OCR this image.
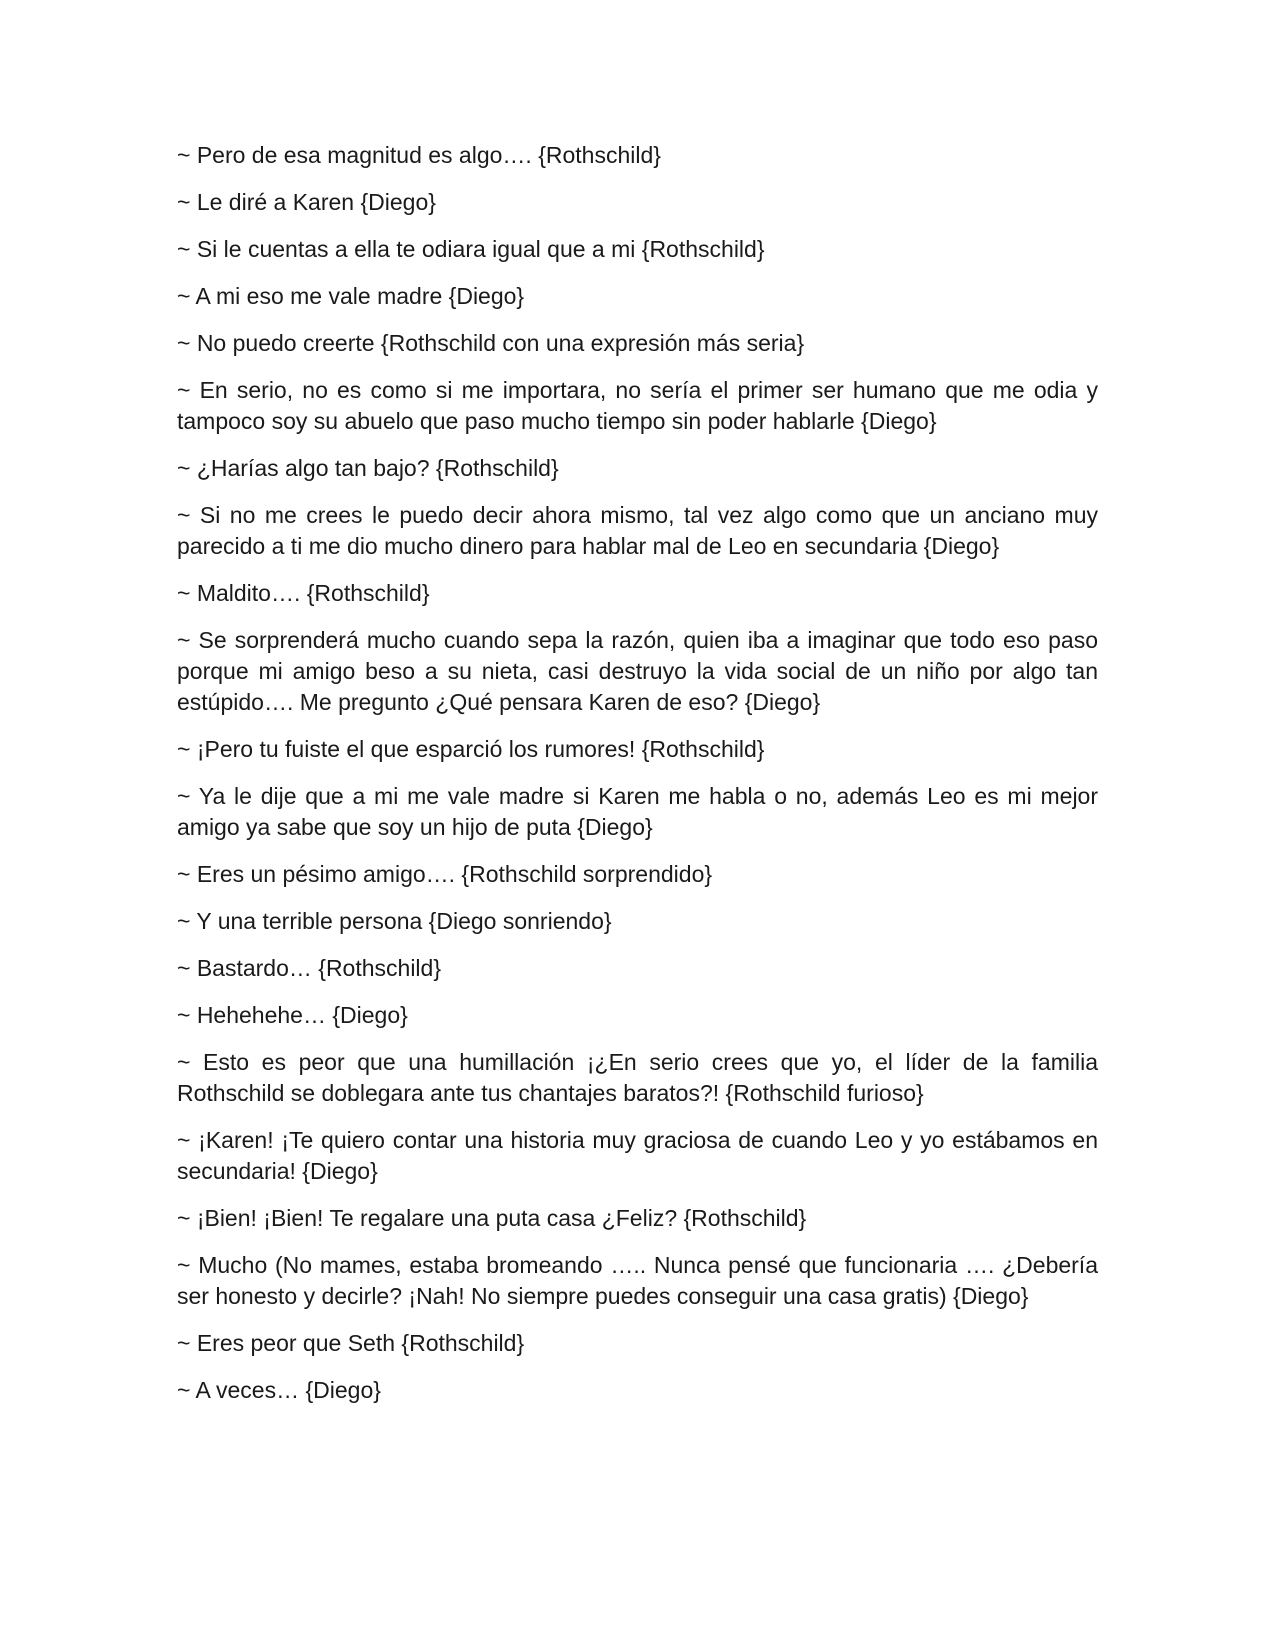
~ Pero de esa magnitud es algo…. {Rothschild}

~ Le diré a Karen {Diego}

~ Si le cuentas a ella te odiara igual que a mi {Rothschild}

~ A mi eso me vale madre {Diego}

~ No puedo creerte {Rothschild con una expresión más seria}

~ En serio, no es como si me importara, no sería el primer ser humano que me odia y tampoco soy su abuelo que paso mucho tiempo sin poder hablarle {Diego}

~ ¿Harías algo tan bajo? {Rothschild}

~ Si no me crees le puedo decir ahora mismo, tal vez algo como que un anciano muy parecido a ti me dio mucho dinero para hablar mal de Leo en secundaria {Diego}

~ Maldito…. {Rothschild}

~ Se sorprenderá mucho cuando sepa la razón, quien iba a imaginar que todo eso paso porque mi amigo beso a su nieta, casi destruyo la vida social de un niño por algo tan estúpido…. Me pregunto ¿Qué pensara Karen de eso? {Diego}

~ ¡Pero tu fuiste el que esparció los rumores! {Rothschild}

~ Ya le dije que a mi me vale madre si Karen me habla o no, además Leo es mi mejor amigo ya sabe que soy un hijo de puta {Diego}

~ Eres un pésimo amigo…. {Rothschild sorprendido}

~ Y una terrible persona {Diego sonriendo}

~ Bastardo… {Rothschild}

~ Hehehehe… {Diego}

~ Esto es peor que una humillación ¡¿En serio crees que yo, el líder de la familia Rothschild se doblegara ante tus chantajes baratos?! {Rothschild furioso}

~ ¡Karen! ¡Te quiero contar una historia muy graciosa de cuando Leo y yo estábamos en secundaria! {Diego}

~ ¡Bien! ¡Bien! Te regalare una puta casa ¿Feliz? {Rothschild}

~ Mucho (No mames, estaba bromeando ….. Nunca pensé que funcionaria …. ¿Debería ser honesto y decirle? ¡Nah! No siempre puedes conseguir una casa gratis) {Diego}

~ Eres peor que Seth {Rothschild}

~ A veces… {Diego}
